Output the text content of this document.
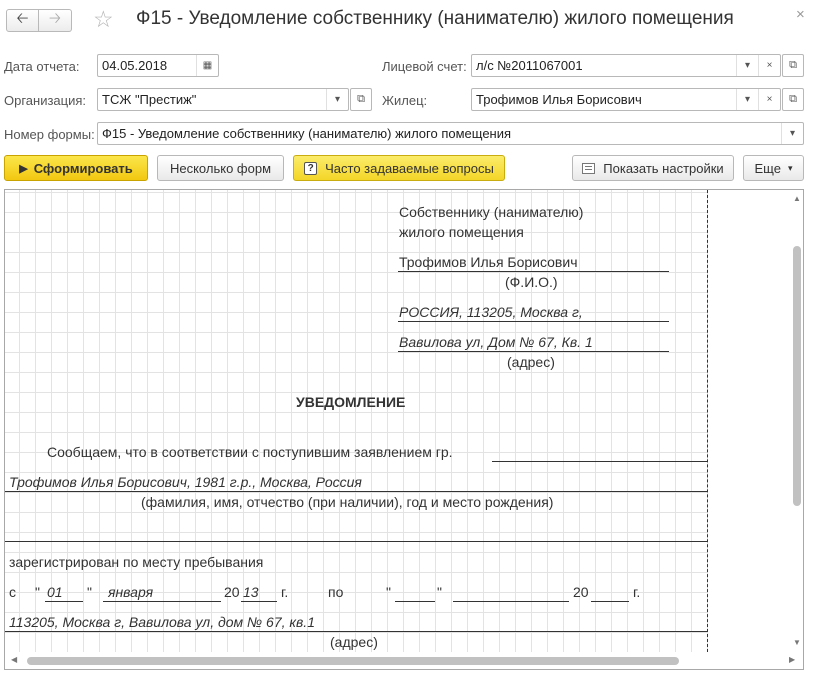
🡠 🡢 ☆ Ф15 - Уведомление собственнику (нанимателю) жилого помещения	×
Дата отчета:	04.05.2018	▦	Лицевой счет: л/с №2011067001	▾	×	⧉
Организация:	ТСЖ "Престиж"	▾	⧉ Жилец:	Трофимов Илья Борисович	▾	×	⧉
Номер формы: Ф15 - Уведомление собственнику (нанимателю) жилого помещения	▾
▶ Сформировать	Несколько форм	? Часто задаваемые вопросы	Показать настройки Еще ▾
Собственнику (нанимателю)
жилого помещения
Трофимов Илья Борисович
(Ф.И.О.)
РОССИЯ, 113205, Москва г,
Вавилова ул, Дом № 67, Кв. 1
(адрес)
УВЕДОМЛЕНИЕ
Сообщаем, что в соответствии с поступившим заявлением гр.
Трофимов Илья Борисович, 1981 г.р., Москва, Россия
(фамилия, имя, отчество (при наличии), год и место рождения)
зарегистрирован по месту пребывания
с " 01 " января	20 13 г.	по	"	"	20	г.
113205, Москва г, Вавилова ул, дом № 67, кв.1
(адрес)
▲
▼
◀	▶
